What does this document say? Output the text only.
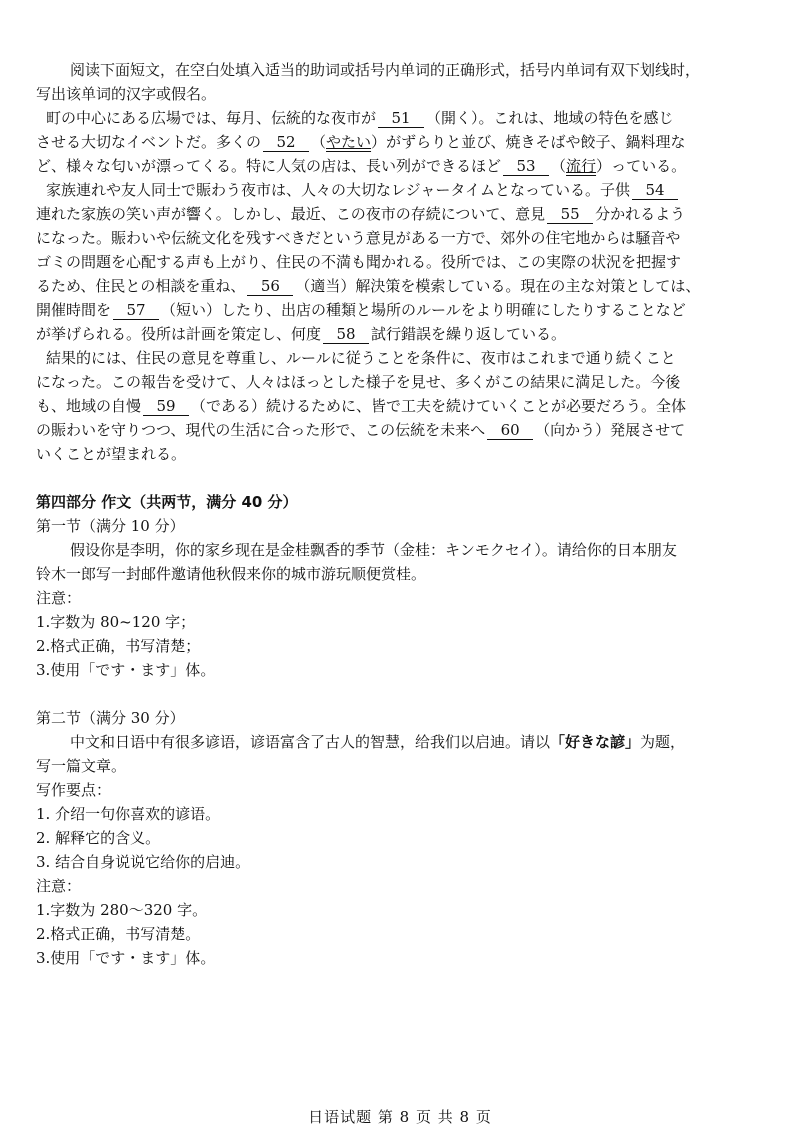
阅读下面短文，在空白处填入适当的助词或括号内单词的正确形式，括号内单词有双下划线时，
写出该单词的汉字或假名。
町の中心にある広場では、毎月、伝統的な夜市が 51 （開く）。これは、地域の特色を感じ
させる大切なイベントだ。多くの 52 （やたい）がずらりと並び、焼きそばや餃子、鍋料理な
ど、様々な匂いが漂ってくる。特に人気の店は、長い列ができるほど 53 （流行）っている。
家族連れや友人同士で賑わう夜市は、人々の大切なレジャータイムとなっている。子供 54
連れた家族の笑い声が響く。しかし、最近、この夜市の存続について、意見 55 分かれるよう
になった。賑わいや伝統文化を残すべきだという意見がある一方で、郊外の住宅地からは騒音や
ゴミの問題を心配する声も上がり、住民の不満も聞かれる。役所では、この実際の状況を把握す
るため、住民との相談を重ね、 56 （適当）解決策を模索している。現在の主な対策としては、
開催時間を 57 （短い）したり、出店の種類と場所のルールをより明確にしたりすることなど
が挙げられる。役所は計画を策定し、何度 58 試行錯誤を繰り返している。
結果的には、住民の意見を尊重し、ルールに従うことを条件に、夜市はこれまで通り続くこと
になった。この報告を受けて、人々はほっとした様子を見せ、多くがこの結果に満足した。今後
も、地域の自慢 59 （である）続けるために、皆で工夫を続けていくことが必要だろう。全体
の賑わいを守りつつ、現代の生活に合った形で、この伝統を未来へ 60 （向かう）発展させて
いくことが望まれる。
第四部分 作文（共两节，满分 40 分）
第一节（满分 10 分）
假设你是李明，你的家乡现在是金桂飘香的季节（金桂：キンモクセイ）。请给你的日本朋友
铃木一郎写一封邮件邀请他秋假来你的城市游玩顺便赏桂。
注意：
1.字数为 80~120 字；
2.格式正确，书写清楚；
3.使用「です・ます」体。
第二节（满分 30 分）
中文和日语中有很多谚语，谚语富含了古人的智慧，给我们以启迪。请以「好きな諺」为题，
写一篇文章。
写作要点：
1. 介绍一句你喜欢的谚语。
2. 解释它的含义。
3. 结合自身说说它给你的启迪。
注意：
1.字数为 280～320 字。
2.格式正确，书写清楚。
3.使用「です・ます」体。
日语试题 第 8 页 共 8 页
